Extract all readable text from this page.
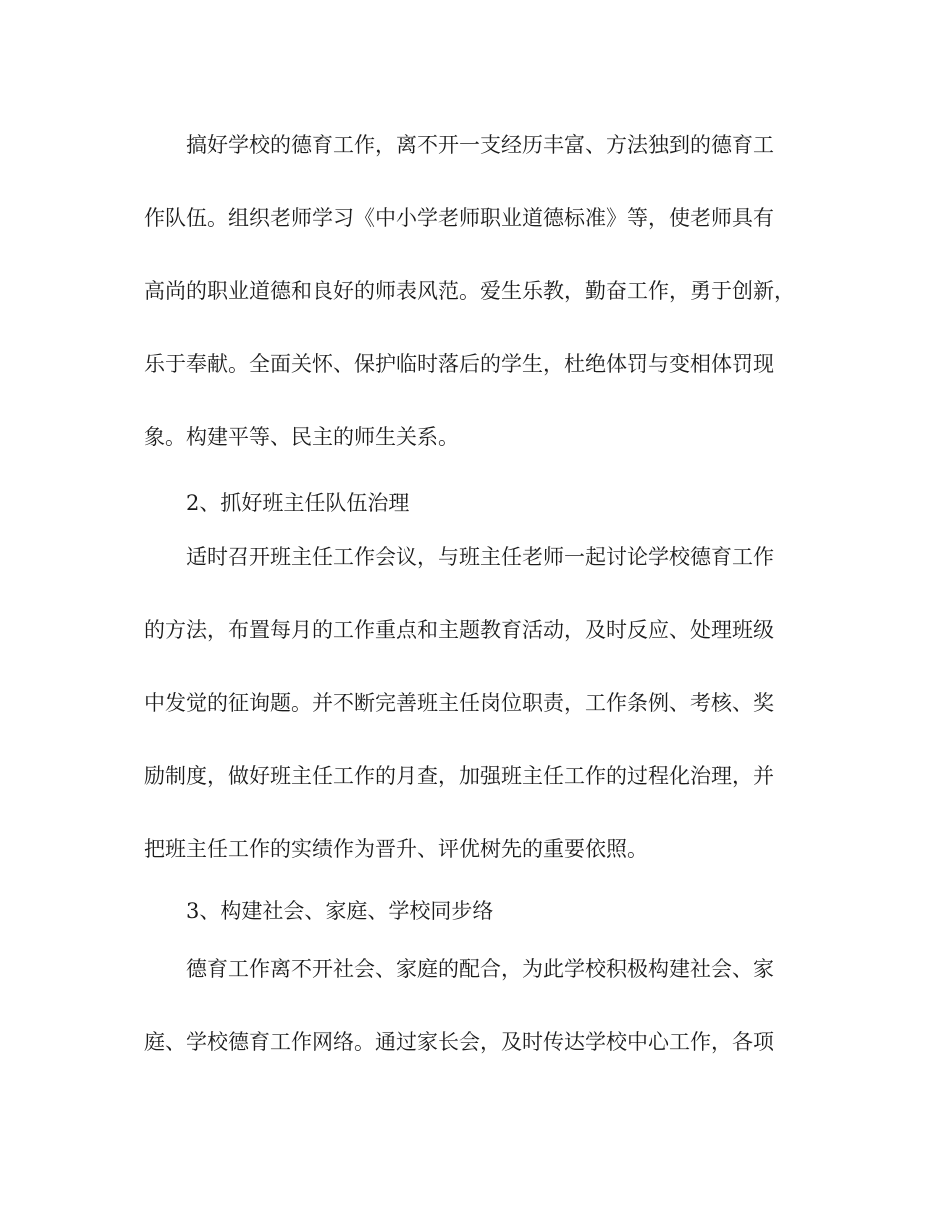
搞好学校的德育工作，离不开一支经历丰富、方法独到的德育工
作队伍。组织老师学习《中小学老师职业道德标准》等，使老师具有
高尚的职业道德和良好的师表风范。爱生乐教，勤奋工作，勇于创新，
乐于奉献。全面关怀、保护临时落后的学生，杜绝体罚与变相体罚现
象。构建平等、民主的师生关系。
2、抓好班主任队伍治理
适时召开班主任工作会议，与班主任老师一起讨论学校德育工作
的方法，布置每月的工作重点和主题教育活动，及时反应、处理班级
中发觉的征询题。并不断完善班主任岗位职责，工作条例、考核、奖
励制度，做好班主任工作的月查，加强班主任工作的过程化治理，并
把班主任工作的实绩作为晋升、评优树先的重要依照。
3、构建社会、家庭、学校同步络
德育工作离不开社会、家庭的配合，为此学校积极构建社会、家
庭、学校德育工作网络。通过家长会，及时传达学校中心工作，各项
